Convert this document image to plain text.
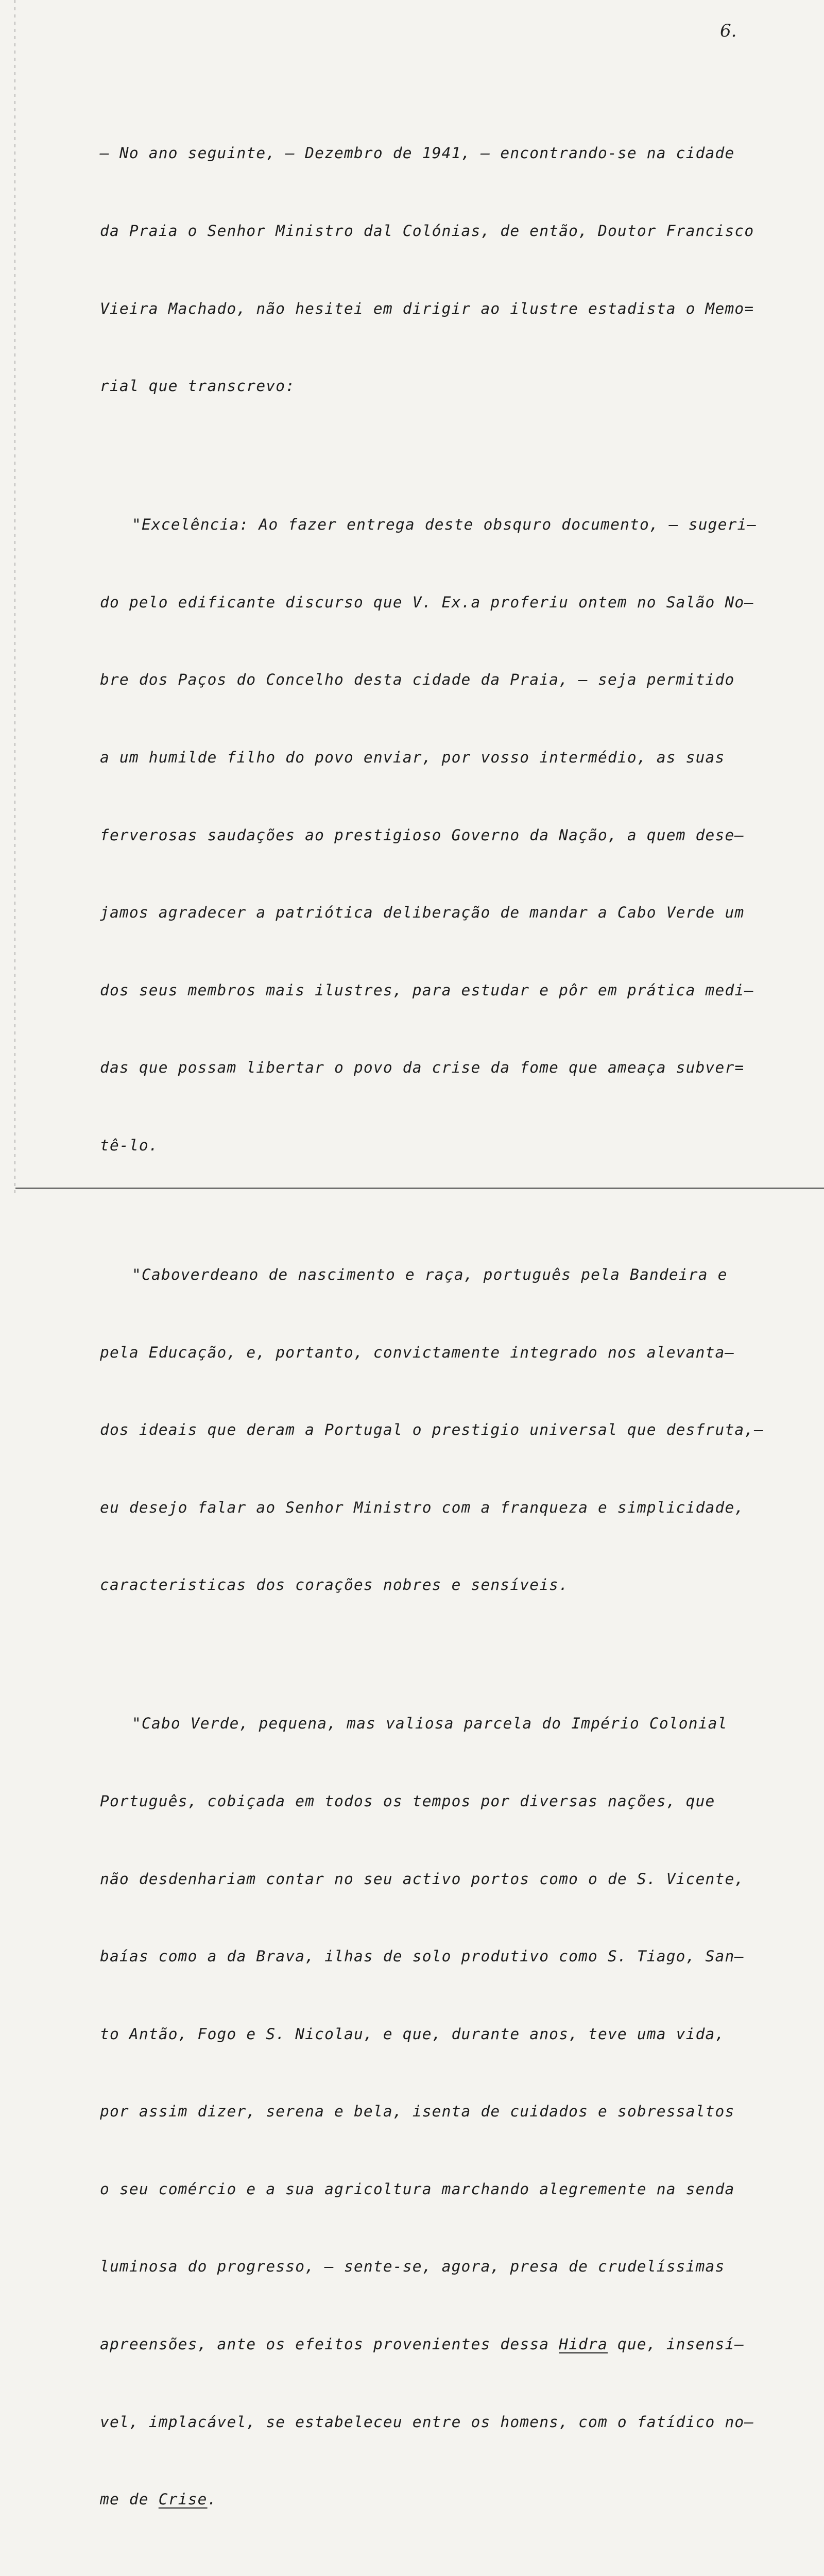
6.

– No ano seguinte, – Dezembro de 1941, – encontrando-se na cidade

da Praia o Senhor Ministro dal Colónias, de então, Doutor Francisco

Vieira Machado, não hesitei em dirigir ao ilustre estadista o Memo=

rial que transcrevo:

"Excelência: Ao fazer entrega deste obsquro documento, – sugeri–

do pelo edificante discurso que V. Ex.a proferiu ontem no Salão No–

bre dos Paços do Concelho desta cidade da Praia, – seja permitido

a um humilde filho do povo enviar, por vosso intermédio, as suas

ferverosas saudações ao prestigioso Governo da Nação, a quem dese–

jamos agradecer a patriótica deliberação de mandar a Cabo Verde um

dos seus membros mais ilustres, para estudar e pôr em prática medi–

das que possam libertar o povo da crise da fome que ameaça subver=

tê-lo.

"Caboverdeano de nascimento e raça, português pela Bandeira e

pela Educação, e, portanto, convictamente integrado nos alevanta–

dos ideais que deram a Portugal o prestigio universal que desfruta,–

eu desejo falar ao Senhor Ministro com a franqueza e simplicidade,

caracteristicas dos corações nobres e sensíveis.

"Cabo Verde, pequena, mas valiosa parcela do Império Colonial

Português, cobiçada em todos os tempos por diversas nações, que

não desdenhariam contar no seu activo portos como o de S. Vicente,

baías como a da Brava, ilhas de solo produtivo como S. Tiago, San–

to Antão, Fogo e S. Nicolau, e que, durante anos, teve uma vida,

por assim dizer, serena e bela, isenta de cuidados e sobressaltos

o seu comércio e a sua agricoltura marchando alegremente na senda

luminosa do progresso, – sente-se, agora, presa de crudelíssimas

apreensões, ante os efeitos provenientes dessa Hidra que, insensí–

vel, implacável, se estabeleceu entre os homens, com o fatídico no–

me de Crise.
